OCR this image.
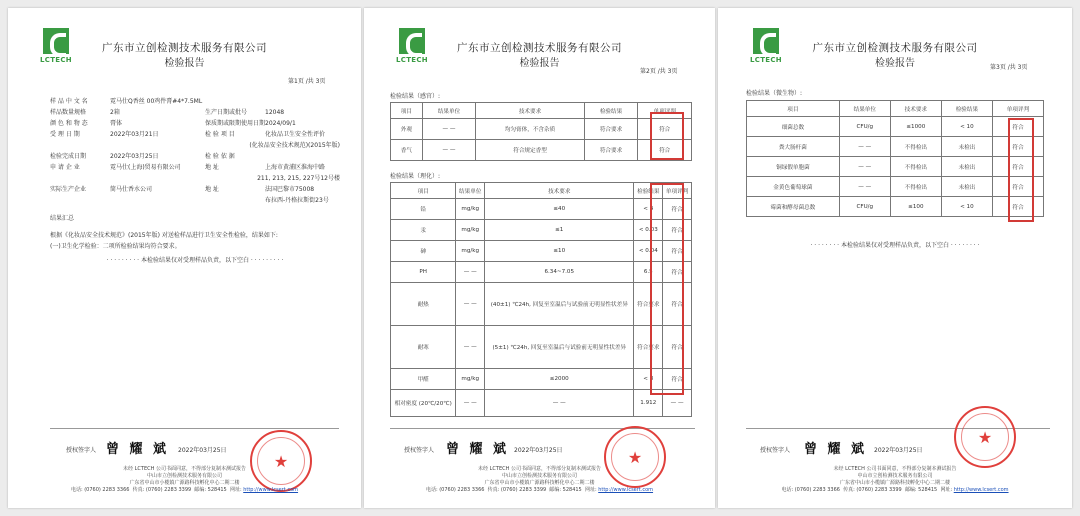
LCTECH
广东市立创检测技术服务有限公司
检验报告
第1页 /共 3页
样 品 中 文 名	霓马仕Q香丝 00鸡件膏#4*7.5ML
样品数量规格	2箱	生产日期或批号	12048
颜 色 和 物 态	膏体	保质期或限期使用日期 2024/09/1
受 理 日 期	2022年03月21日	检 验 项 目	化妆品卫生安全性评价
(化妆品安全技术规范)(2015年版)
检验完成日期	2022年03月25日	检 验 依 据
申 请 企 业	霓马仕(上海)贸易有限公司	地 址	上海市黄浦区淮海中路
211, 213, 215, 227号12号楼
实际生产企业	简马仕香水公司	地 址	法国巴黎市75008
布拉西-丹格拉斯街23号
结果汇总
根据《化妆品安全技术规范》(2015年版) 对送检样品进行卫生安全性检验，结果如下:
(一)卫生化学检验：二项所检验结果均符合要求。
· · · · · · · · · 本检验结果仅对受理样品负责，以下空白 · · · · · · · · ·
授权签字人 曾 耀 斌 2022年03月25日
★
未经 LCTECH 公司书面同意，不得部分复制本测试报告
中山市立创检测技术服务有限公司
广东省中山市小榄镇广源路科技孵化中心二期二楼
电话: (0760) 2283 3366 传真: (0760) 2283 3399 邮编: 528415 网址: http://www.lcsert.com
LCTECH
广东市立创检测技术服务有限公司
检验报告
第2页 /共 3页
检验结果（感官）:
项目	结果单位	技术要求	检验结果	单项评判
外观	— —	均匀膏体，不含杂质	符合要求	符合
香气	— —	符合规定香型	符合要求	符合
检验结果（理化）:
项目	结果单位	技术要求	检验结果	单项评判
铅	mg/kg	≤40	< 4	符合
汞	mg/kg	≤1	< 0.03	符合
砷	mg/kg	≤10	< 0.04	符合
PH	— —	6.34~7.05	6.5	符合
耐热	— —	(40±1) ℃24h, 回复至室温后与试验前无明显性状差异	符合要求	符合
耐寒	— —	(5±1) ℃24h, 回复至室温后与试验前无明显性状差异	符合要求	符合
甲醛	mg/kg	≤2000	< 8	符合
相对密度 (20℃/20℃)	— —	— —	1.912	— —
授权签字人 曾 耀 斌 2022年03月25日	★
未经 LCTECH 公司书面同意，不得部分复制本测试报告
中山市立创检测技术服务有限公司
广东省中山市小榄镇广源路科技孵化中心二期二楼
电话: (0760) 2283 3366 传真: (0760) 2283 3399 邮编: 528415 网址: http://www.lcsert.com
LCTECH
广东市立创检测技术服务有限公司
检验报告	第3页 /共 3页
检验结果（微生物）:
项目	结果单位	技术要求	检验结果	单项评判
细菌总数	CFU/g	≤1000	< 10	符合
粪大肠杆菌	— —	不得检出	未检出	符合
铜绿假单胞菌	— —	不得检出	未检出	符合
金黄色葡萄球菌	— —	不得检出	未检出	符合
霉菌和酵母菌总数	CFU/g	≤100	< 10	符合
· · · · · · · · 本检验结果仅对受理样品负责，以下空白 · · · · · · · ·
授权签字人 曾 耀 斌 2022年03月25日
★
未经 LCTECH 公司书面同意，不得部分复制本测试报告
中山市立创检测技术服务有限公司
广东省中山市小榄镇广源路科技孵化中心二期二楼
电话: (0760) 2283 3366 传真: (0760) 2283 3399 邮编: 528415 网址: http://www.lcsert.com
